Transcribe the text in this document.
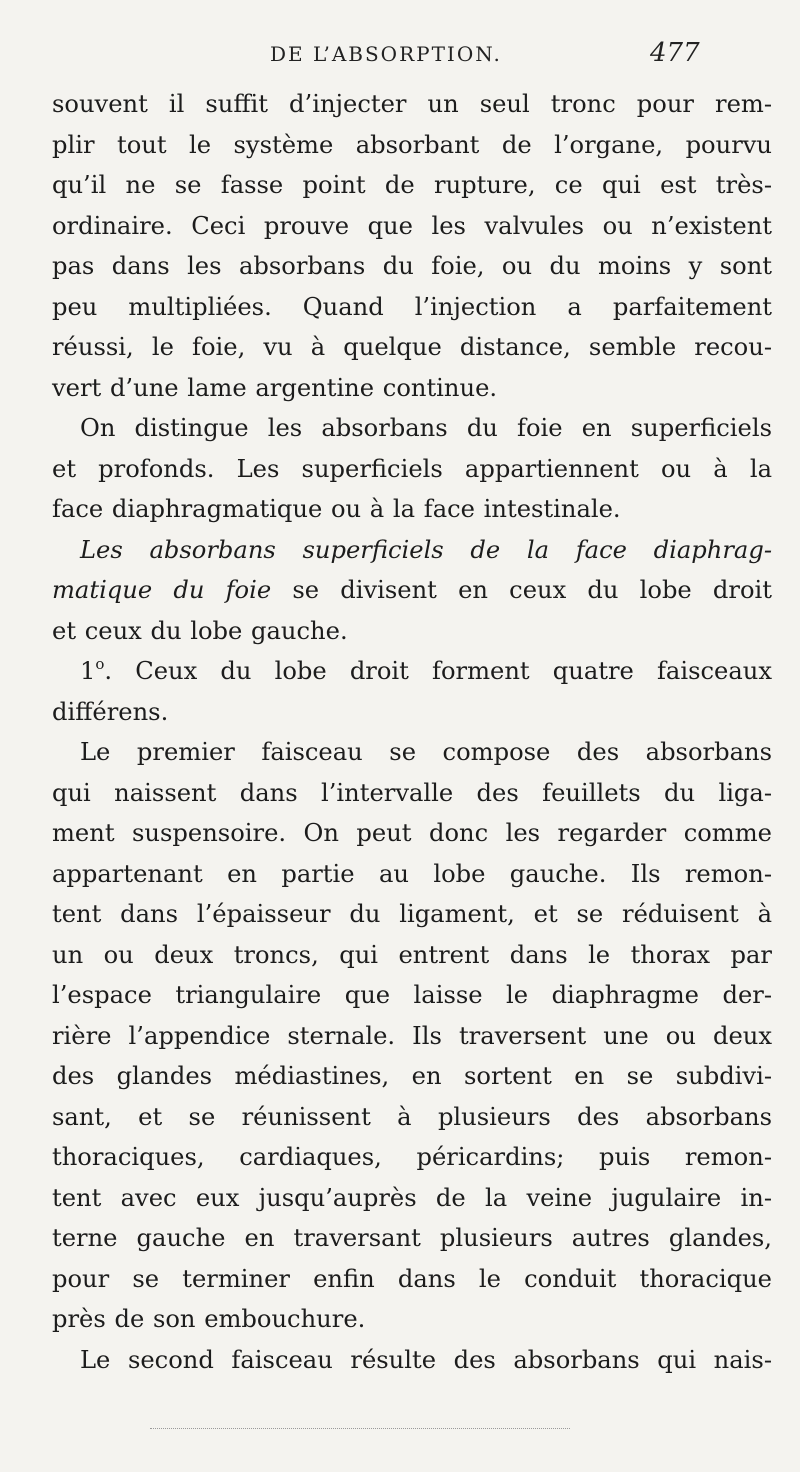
DE L’ABSORPTION.	477
souvent il suffit d’injecter un seul tronc pour rem-
plir tout le système absorbant de l’organe, pourvu
qu’il ne se fasse point de rupture, ce qui est très-
ordinaire. Ceci prouve que les valvules ou n’existent
pas dans les absorbans du foie, ou du moins y sont
peu multipliées. Quand l’injection a parfaitement
réussi, le foie, vu à quelque distance, semble recou-
vert d’une lame argentine continue.
On distingue les absorbans du foie en superficiels
et profonds. Les superficiels appartiennent ou à la
face diaphragmatique ou à la face intestinale.
Les absorbans superficiels de la face diaphrag-
matique du foie se divisent en ceux du lobe droit
et ceux du lobe gauche.
1$^o$. Ceux du lobe droit forment quatre faisceaux
différens.
Le premier faisceau se compose des absorbans
qui naissent dans l’intervalle des feuillets du liga-
ment suspensoire. On peut donc les regarder comme
appartenant en partie au lobe gauche. Ils remon-
tent dans l’épaisseur du ligament, et se réduisent à
un ou deux troncs, qui entrent dans le thorax par
l’espace triangulaire que laisse le diaphragme der-
rière l’appendice sternale. Ils traversent une ou deux
des glandes médiastines, en sortent en se subdivi-
sant, et se réunissent à plusieurs des absorbans
thoraciques, cardiaques, péricardins; puis remon-
tent avec eux jusqu’auprès de la veine jugulaire in-
terne gauche en traversant plusieurs autres glandes,
pour se terminer enfin dans le conduit thoracique
près de son embouchure.
Le second faisceau résulte des absorbans qui nais-
